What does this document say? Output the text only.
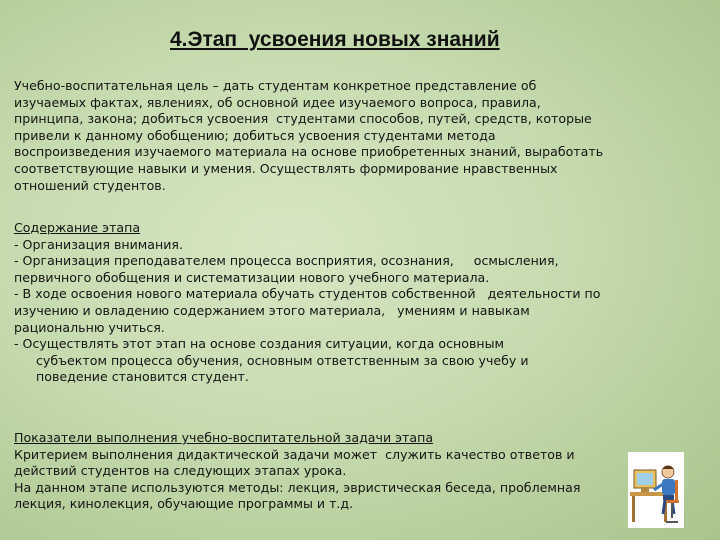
4.Этап  усвоения новых знаний
Учебно-воспитательная цель – дать студентам конкретное представление об
изучаемых фактах, явлениях, об основной идее изучаемого вопроса, правила,
принципа, закона; добиться усвоения  студентами способов, путей, средств, которые
привели к данному обобщению; добиться усвоения студентами метода
воспроизведения изучаемого материала на основе приобретенных знаний, выработать
соответствующие навыки и умения. Осуществлять формирование нравственных
отношений студентов.
Содержание этапа
- Организация внимания.
- Организация преподавателем процесса восприятия, осознания,     осмысления,
первичного обобщения и систематизации нового учебного материала.
- В ходе освоения нового материала обучать студентов собственной   деятельности по
изучению и овладению содержанием этого материала,   умениям и навыкам
рациональню учиться.
- Осуществлять этот этап на основе создания ситуации, когда основным
субъектом процесса обучения, основным ответственным за свою учебу и
поведение становится студент.
Показатели выполнения учебно-воспитательной задачи этапа
Критерием выполнения дидактической задачи может  служить качество ответов и
действий студентов на следующих этапах урока.
На данном этапе используются методы: лекция, эвристическая беседа, проблемная
лекция, кинолекция, обучающие программы и т.д.
